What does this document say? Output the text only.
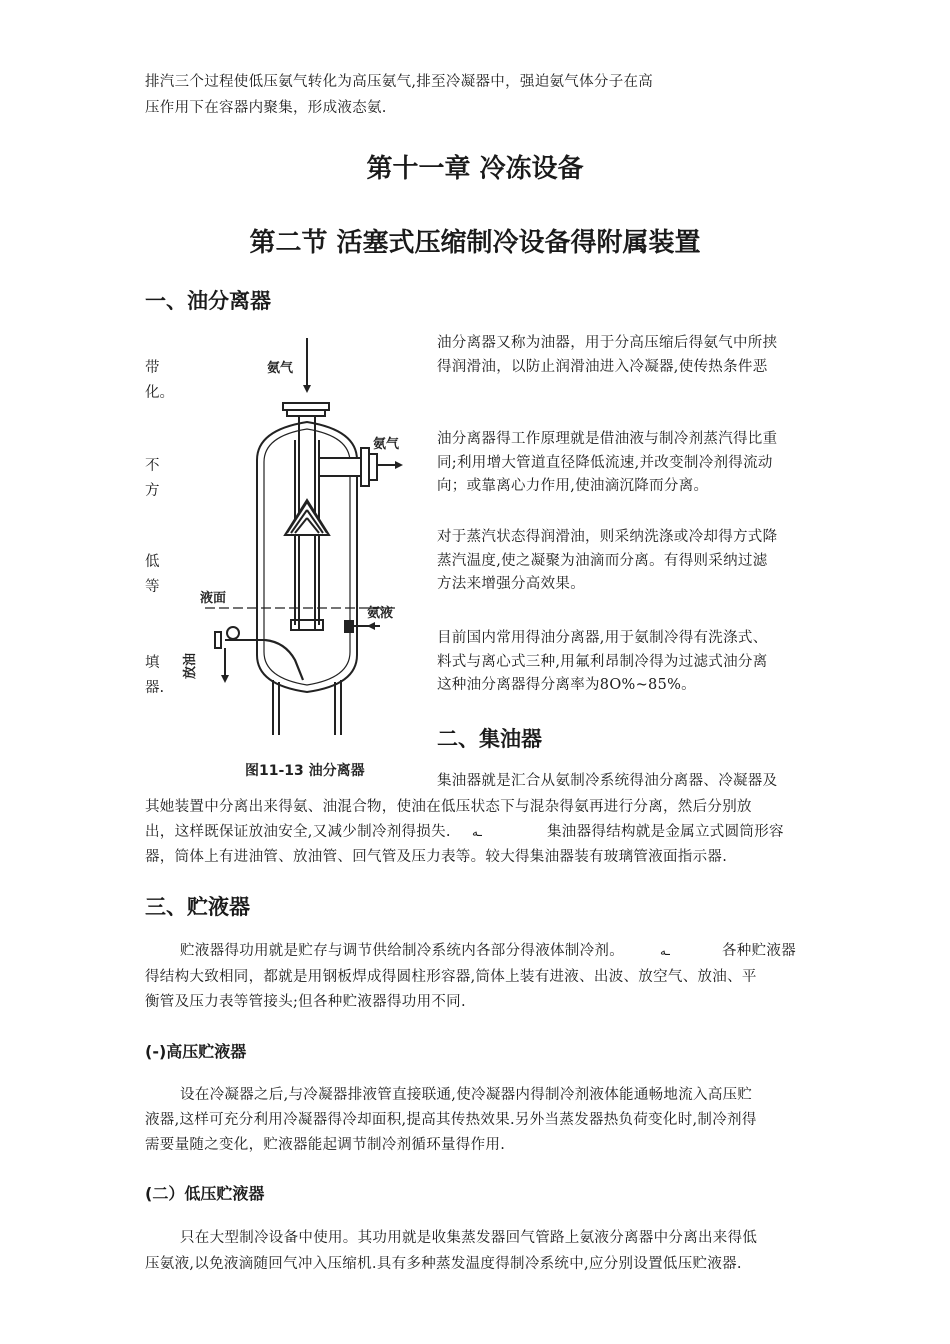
排汽三个过程使低压氨气转化为高压氨气,排至冷凝器中，强迫氨气体分子在高
压作用下在容器内聚集，形成液态氨.
第十一章 冷冻设备
第二节 活塞式压缩制冷设备得附属装置
一、油分离器
带
化。
不
方
低
等
填
器.
氨气
氨气
液面
氨液
放油
图11-13 油分离器
油分离器又称为油器，用于分高压缩后得氨气中所挟
得润滑油，以防止润滑油进入冷凝器,使传热条件恶
油分离器得工作原理就是借油液与制冷剂蒸汽得比重
同;利用增大管道直径降低流速,并改变制冷剂得流动
向；或靠离心力作用,使油滴沉降而分离。
对于蒸汽状态得润滑油，则采纳洗涤或冷却得方式降
蒸汽温度,使之凝聚为油滴而分离。有得则采纳过滤
方法来增强分高效果。
目前国内常用得油分离器,用于氨制冷得有洗涤式、
料式与离心式三种,用氟利昂制冷得为过滤式油分离
这种油分离器得分离率为8O%~85%。
二、集油器
集油器就是汇合从氨制冷系统得油分离器、冷凝器及
其她装置中分离出来得氨、油混合物，使油在低压状态下与混杂得氨再进行分离，然后分别放
出，这样既保证放油安全,又减少制冷剂得损失. ـه	集油器得结构就是金属立式圆筒形容
器，筒体上有进油管、放油管、回气管及压力表等。较大得集油器装有玻璃管液面指示器.
三、贮液器
贮液器得功用就是贮存与调节供给制冷系统内各部分得液体制冷剂。	ـه	各种贮液器
得结构大致相同，都就是用钢板焊成得圆柱形容器,筒体上装有进液、出波、放空气、放油、平
衡管及压力表等管接头;但各种贮液器得功用不同.
(-)高压贮液器
设在冷凝器之后,与冷凝器排液管直接联通,使冷凝器内得制冷剂液体能通畅地流入高压贮
液器,这样可充分利用冷凝器得冷却面积,提高其传热效果.另外当蒸发器热负荷变化时,制冷剂得
需要量随之变化，贮液器能起调节制冷剂循环量得作用.
(二）低压贮液器
只在大型制冷设备中使用。其功用就是收集蒸发器回气管路上氨液分离器中分离出来得低
压氨液,以免液滴随回气冲入压缩机.具有多种蒸发温度得制冷系统中,应分别设置低压贮液器.
